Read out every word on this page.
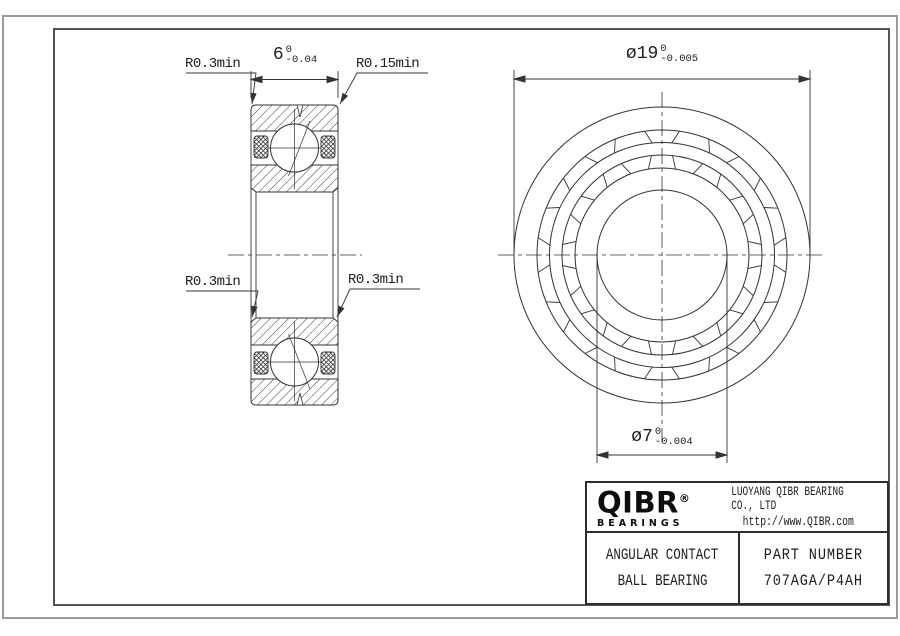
R0.3min	R0.15min
R0.3min	R0.3min
6 0
-0.04	ø19 0
-0.005
ø7 0
-0.004
QIBR®
BEARINGS
LUOYANG QIBR BEARING CO., LTD
http://www.QIBR.com
ANGULAR CONTACT
BALL BEARING
PART NUMBER
707AGA/P4AH
